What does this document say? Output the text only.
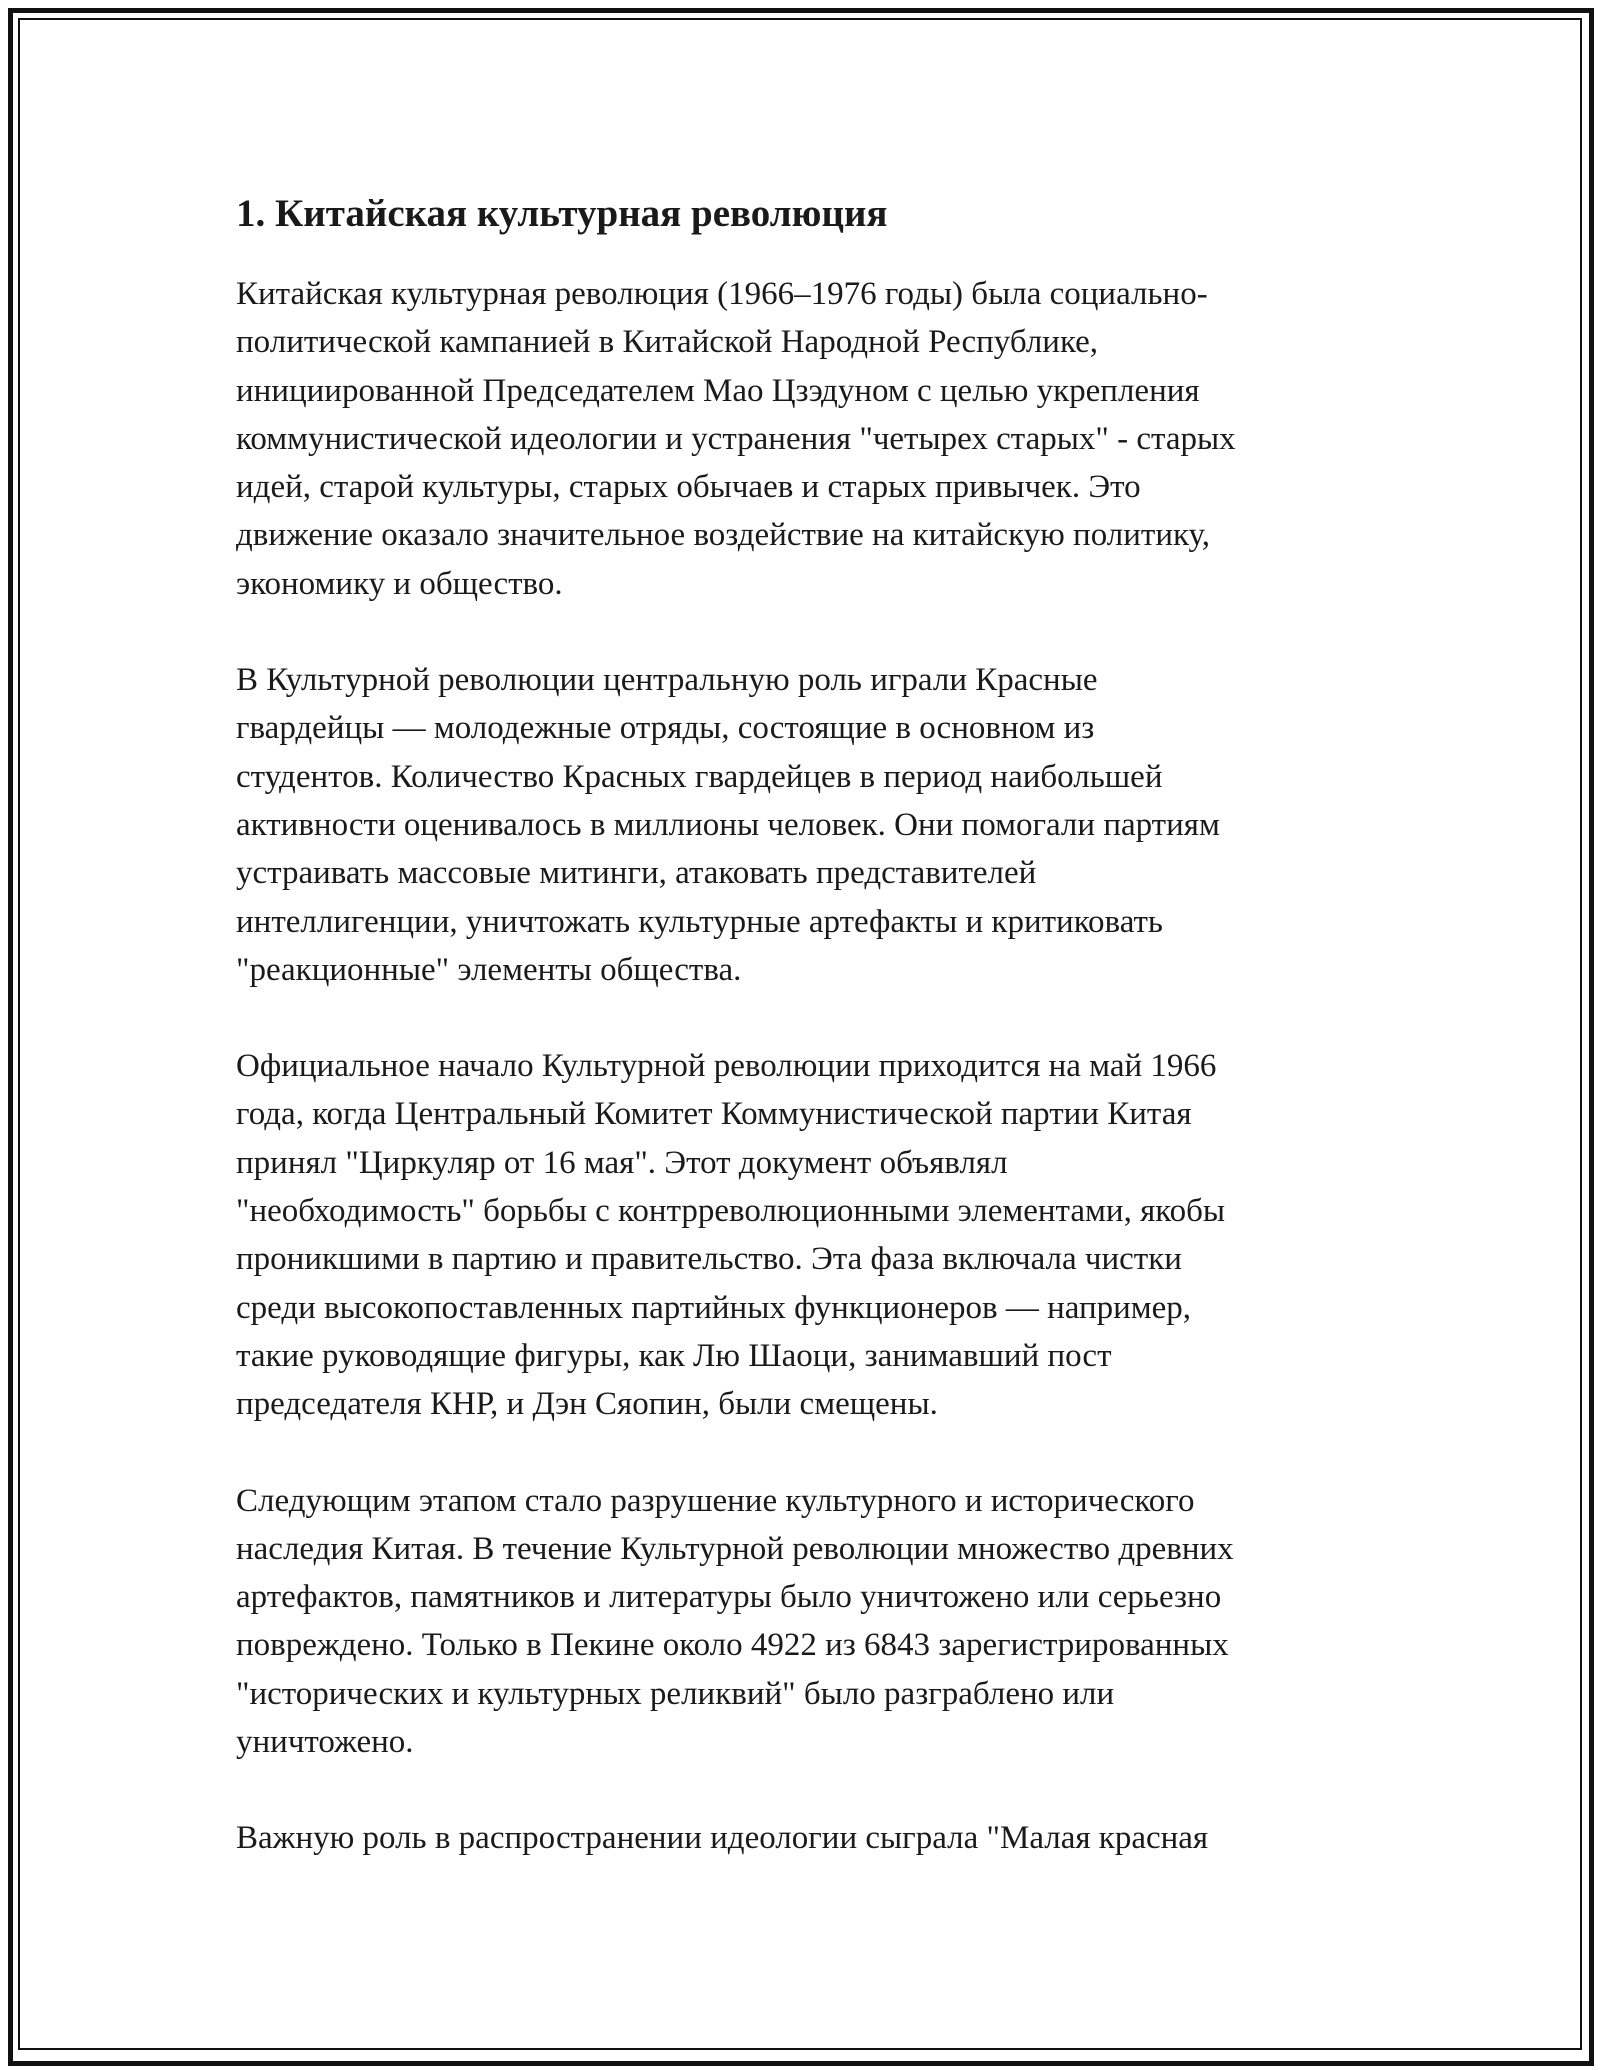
1. Китайская культурная революция

Китайская культурная революция (1966–1976 годы) была социально-
политической кампанией в Китайской Народной Республике,
инициированной Председателем Мао Цзэдуном с целью укрепления
коммунистической идеологии и устранения "четырех старых" - старых
идей, старой культуры, старых обычаев и старых привычек. Это
движение оказало значительное воздействие на китайскую политику,
экономику и общество.

В Культурной революции центральную роль играли Красные
гвардейцы — молодежные отряды, состоящие в основном из
студентов. Количество Красных гвардейцев в период наибольшей
активности оценивалось в миллионы человек. Они помогали партиям
устраивать массовые митинги, атаковать представителей
интеллигенции, уничтожать культурные артефакты и критиковать
"реакционные" элементы общества.

Официальное начало Культурной революции приходится на май 1966
года, когда Центральный Комитет Коммунистической партии Китая
принял "Циркуляр от 16 мая". Этот документ объявлял
"необходимость" борьбы с контрреволюционными элементами, якобы
проникшими в партию и правительство. Эта фаза включала чистки
среди высокопоставленных партийных функционеров — например,
такие руководящие фигуры, как Лю Шаоци, занимавший пост
председателя КНР, и Дэн Сяопин, были смещены.

Следующим этапом стало разрушение культурного и исторического
наследия Китая. В течение Культурной революции множество древних
артефактов, памятников и литературы было уничтожено или серьезно
повреждено. Только в Пекине около 4922 из 6843 зарегистрированных
"исторических и культурных реликвий" было разграблено или
уничтожено.

Важную роль в распространении идеологии сыграла "Малая красная
